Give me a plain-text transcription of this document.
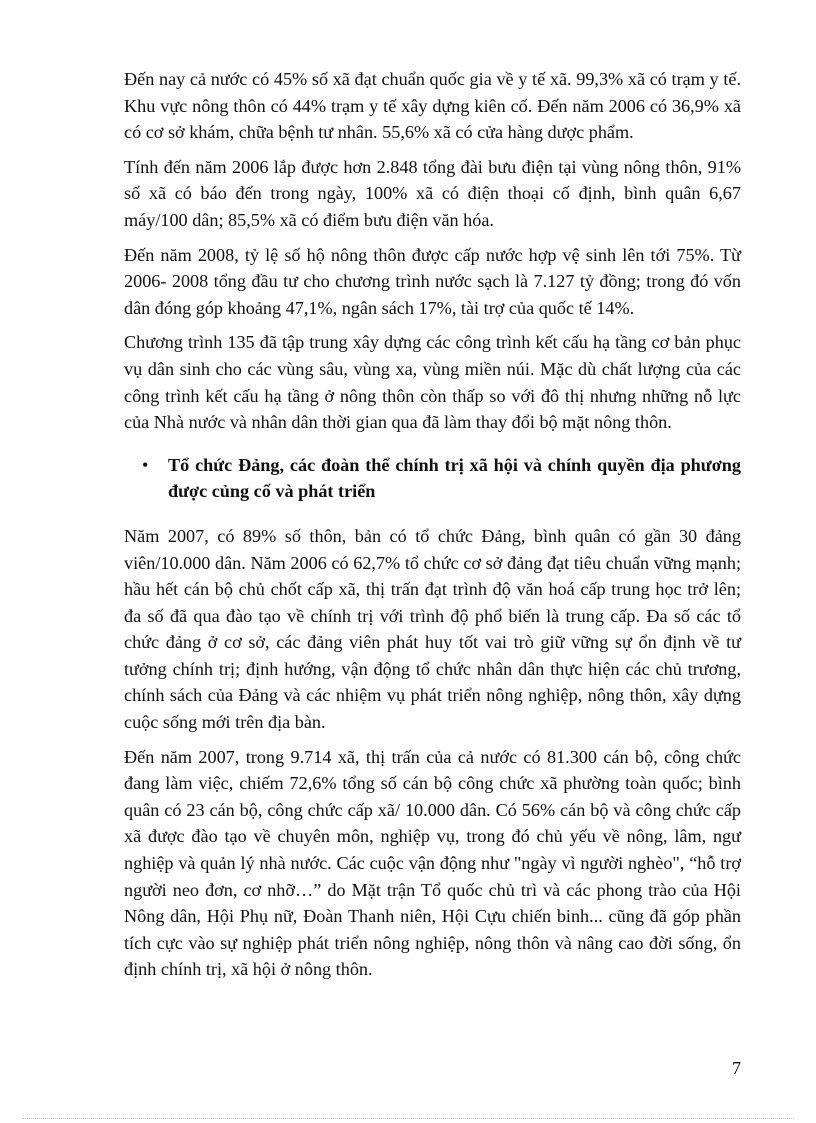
Đến nay cả nước có 45% số xã đạt chuẩn quốc gia về y tế xã. 99,3% xã có trạm y tế. Khu vực nông thôn có 44% trạm y tế xây dựng kiên cố. Đến năm 2006 có 36,9% xã có cơ sở khám, chữa bệnh tư nhân. 55,6% xã có cửa hàng dược phẩm.

Tính đến năm 2006 lắp được hơn 2.848 tổng đài bưu điện tại vùng nông thôn, 91% số xã có báo đến trong ngày, 100% xã có điện thoại cố định, bình quân 6,67 máy/100 dân; 85,5% xã có điểm bưu điện văn hóa.

Đến năm 2008, tỷ lệ số hộ nông thôn được cấp nước hợp vệ sinh lên tới 75%. Từ 2006- 2008 tổng đầu tư cho chương trình nước sạch là 7.127 tỷ đồng; trong đó vốn dân đóng góp khoảng 47,1%, ngân sách 17%, tài trợ của quốc tế 14%.

Chương trình 135 đã tập trung xây dựng các công trình kết cấu hạ tầng cơ bản phục vụ dân sinh cho các vùng sâu, vùng xa, vùng miền núi. Mặc dù chất lượng của các công trình kết cấu hạ tầng ở nông thôn còn thấp so với đô thị nhưng những nỗ lực của Nhà nước và nhân dân thời gian qua đã làm thay đổi bộ mặt nông thôn.

•	Tổ chức Đảng, các đoàn thể chính trị xã hội và chính quyền địa phương được củng cố và phát triển

Năm 2007, có 89% số thôn, bản có tổ chức Đảng, bình quân có gần 30 đảng viên/10.000 dân. Năm 2006 có 62,7% tổ chức cơ sở đảng đạt tiêu chuẩn vững mạnh; hầu hết cán bộ chủ chốt cấp xã, thị trấn đạt trình độ văn hoá cấp trung học trở lên; đa số đã qua đào tạo về chính trị với trình độ phổ biến là trung cấp. Đa số các tổ chức đảng ở cơ sở, các đảng viên phát huy tốt vai trò giữ vững sự ổn định về tư tưởng chính trị; định hướng, vận động tổ chức nhân dân thực hiện các chủ trương, chính sách của Đảng và các nhiệm vụ phát triển nông nghiệp, nông thôn, xây dựng cuộc sống mới trên địa bàn.

Đến năm 2007, trong 9.714 xã, thị trấn của cả nước có 81.300 cán bộ, công chức đang làm việc, chiếm 72,6% tổng số cán bộ công chức xã phường toàn quốc; bình quân có 23 cán bộ, công chức cấp xã/ 10.000 dân. Có 56% cán bộ và công chức cấp xã được đào tạo về chuyên môn, nghiệp vụ, trong đó chủ yếu về nông, lâm, ngư nghiệp và quản lý nhà nước. Các cuộc vận động như "ngày vì người nghèo", “hỗ trợ người neo đơn, cơ nhỡ…” do Mặt trận Tổ quốc chủ trì và các phong trào của Hội Nông dân, Hội Phụ nữ, Đoàn Thanh niên, Hội Cựu chiến binh... cũng đã góp phần tích cực vào sự nghiệp phát triển nông nghiệp, nông thôn và nâng cao đời sống, ổn định chính trị, xã hội ở nông thôn.

7
